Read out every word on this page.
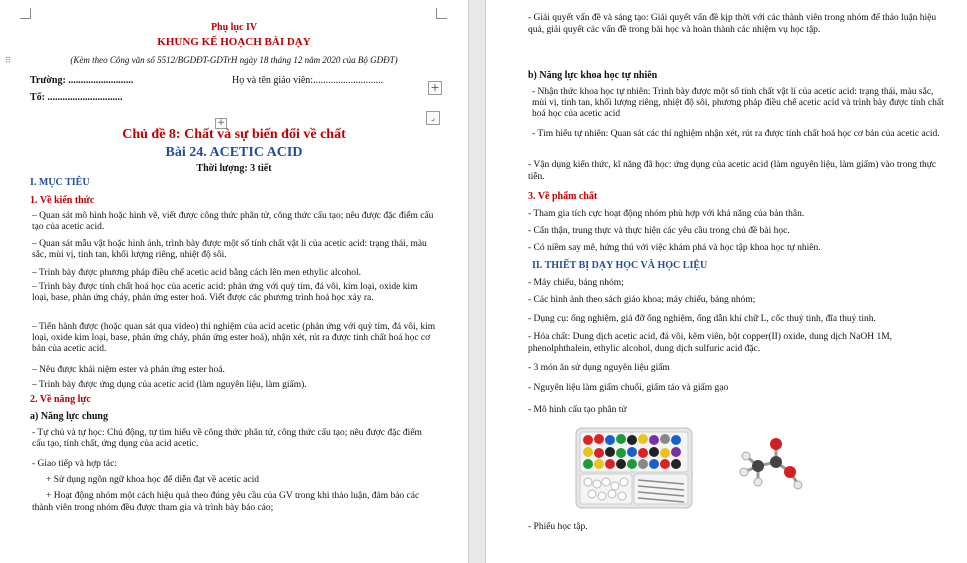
⠿
+
+
⌟
Phụ lục IV
KHUNG KẾ HOẠCH BÀI DẠY
(Kèm theo Công văn số 5512/BGDĐT-GDTrH ngày 18 tháng 12 năm 2020 của Bộ GDĐT)
Trường: ..........................	Họ và tên giáo viên:............................
Tổ: ..............................
Chủ đề 8: Chất và sự biến đổi về chất
Bài 24. ACETIC ACID
Thời lượng: 3 tiết
I. MỤC TIÊU
1. Về kiến thức
– Quan sát mô hình hoặc hình vẽ, viết được công thức phân tử, công thức cấu tạo; nêu được đặc điểm cấu tạo của acetic acid.
– Quan sát mẫu vật hoặc hình ảnh, trình bày được một số tính chất vật lí của acetic acid: trạng thái, màu sắc, mùi vị, tính tan, khối lượng riêng, nhiệt độ sôi.
– Trình bày được phương pháp điều chế acetic acid bằng cách lên men ethylic alcohol.
– Trình bày được tính chất hoá học của acetic acid: phản ứng với quỳ tím, đá vôi, kim loại, oxide kim loại, base, phản ứng cháy, phản ứng ester hoá. Viết được các phương trình hoá học xảy ra.
– Tiến hành được (hoặc quan sát qua video) thí nghiệm của acid acetic (phản ứng với quỳ tím, đá vôi, kim loại, oxide kim loại, base, phản ứng cháy, phản ứng ester hoá), nhận xét, rút ra được tính chất hoá học cơ bản của acetic acid.
– Nêu được khái niệm ester và phản ứng ester hoá.
– Trình bày được ứng dụng của acetic acid (làm nguyên liệu, làm giấm).
2. Về năng lực
a) Năng lực chung
- Tự chủ và tự học: Chủ động, tự tìm hiểu về công thức phân tử, công thức cấu tạo; nêu được đặc điểm cấu tạo, tính chất, ứng dụng của acid acetic.
- Giao tiếp và hợp tác:
+ Sử dụng ngôn ngữ khoa học để diễn đạt về acetic acid
+ Hoạt động nhóm một cách hiệu quả theo đúng yêu cầu của GV trong khi thảo luận, đảm bảo các thành viên trong nhóm đều được tham gia và trình bày báo cáo;
- Giải quyết vấn đề và sáng tạo: Giải quyết vấn đề kịp thời với các thành viên trong nhóm để thảo luận hiệu quả, giải quyết các vấn đề trong bài học và hoàn thành các nhiệm vụ học tập.
b) Năng lực khoa học tự nhiên
- Nhận thức khoa học tự nhiên: Trình bày được một số tính chất vật lí của acetic acid: trạng thái, màu sắc, mùi vị, tính tan, khối lượng riêng, nhiệt độ sôi, phương pháp điều chế acetic acid và trình bày được tính chất hoá học của acetic acid
- Tìm hiểu tự nhiên: Quan sát các thí nghiệm nhận xét, rút ra được tính chất hoá học cơ bản của acetic acid.
- Vận dụng kiến thức, kĩ năng đã học: ứng dụng của acetic acid (làm nguyên liệu, làm giấm) vào trong thực tiễn.
3. Về phẩm chất
- Tham gia tích cực hoạt động nhóm phù hợp với khả năng của bản thân.
- Cẩn thận, trung thực và thực hiện các yêu cầu trong chủ đề bài học.
- Có niềm say mê, hứng thú với việc khám phá và học tập khoa học tự nhiên.
II. THIẾT BỊ DẠY HỌC VÀ HỌC LIỆU
- Máy chiếu, bảng nhóm;
- Các hình ảnh theo sách giáo khoa; máy chiếu, bảng nhóm;
- Dụng cụ: ống nghiệm, giá đỡ ống nghiệm, ống dẫn khí chữ L, cốc thuỷ tinh, đĩa thuỷ tinh.
- Hóa chất: Dung dịch acetic acid, đá vôi, kẽm viên, bột copper(II) oxide, dung dịch NaOH 1M, phenolphthalein, ethylic alcohol, dung dịch sulfuric acid đặc.
- 3 món ăn sử dụng nguyên liệu giấm
- Nguyên liệu làm giấm chuối, giấm táo và giấm gạo
- Mô hình cấu tạo phân tử
- Phiếu học tập.
